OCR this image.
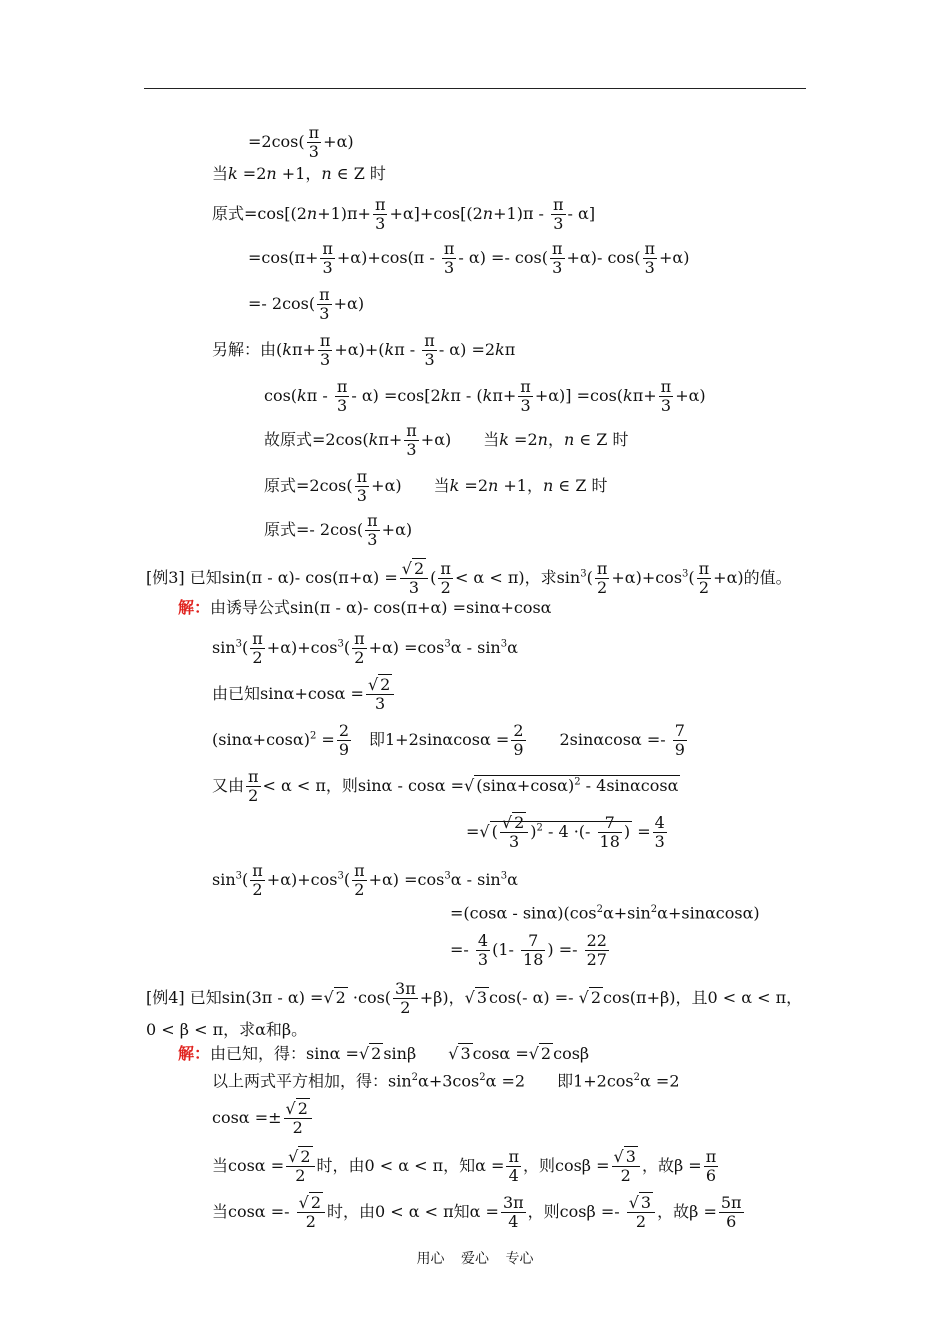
$=2\cos( \frac{\pi}{3} +\alpha)$
当k =2n +1，n ∈ Z 时
原式$=\cos[(2n+1)\pi+ \frac{\pi}{3} +\alpha]+\cos[(2n+1)\pi - \frac{\pi}{3} - \alpha]$
$=\cos(\pi+ \frac{\pi}{3} +\alpha)+\cos(\pi - \frac{\pi}{3} - \alpha) =- \cos( \frac{\pi}{3} +\alpha)-$ $\cos( \frac{\pi}{3} +\alpha)$
=- $2\cos( \frac{\pi}{3} +\alpha)$
另解：由$(k\pi+ \frac{\pi}{3} +\alpha)+(k\pi - \frac{\pi}{3} - \alpha) =2k\pi$
$\cos(k\pi - \frac{\pi}{3} - \alpha) =\cos[2k\pi - (k\pi+ \frac{\pi}{3} +\alpha)] =\cos(k\pi+ \frac{\pi}{3} +\alpha)$
故原式$=2\cos(k\pi+ \frac{\pi}{3} +\alpha)$　　当k =2n，n ∈ Z 时
原式$=2\cos( \frac{\pi}{3} +\alpha)$　　当k =2n +1，n ∈ Z 时
原式=- $2\cos( \frac{\pi}{3} +\alpha)$
[例3] 已知sin(π - α)- $\cos(\pi+\alpha) = \frac{√ 2}{3}$ ( $\frac{\pi}{2} < \alpha < \pi$)，求$\sin^3( \frac{\pi}{2} +\alpha)+\cos^3( \frac{\pi}{2} +\alpha)$的值。
解：由诱导公式sin(π - α)- cos(π+α) =sinα+cosα
$\sin^3( \frac{\pi}{2} +\alpha)+\cos^3( \frac{\pi}{2} +\alpha) =\cos^3\alpha - \sin^3\alpha$
由已知$\sin\alpha+\cos\alpha = \frac{√ 2}{3}$
$(\sin\alpha+\cos\alpha)^2 = \frac{2}{9}$ 　即$1+2\sin\alpha\cos\alpha = \frac{2}{9}$ 　　$2\sin\alpha\cos\alpha =- \frac{7}{9}$
又由 $\frac{\pi}{2} < \alpha < \pi$，则sinα - cosα =√ $(\sin\alpha+\cos\alpha)^2 - 4\sin\alpha\cos\alpha$
=√ ( $\frac{√ 2}{3} )^2 - 4$ ·(- $\frac{7}{18}$ ) = $\frac{4}{3}$
$\sin^3( \frac{\pi}{2} +\alpha)+\cos^3( \frac{\pi}{2} +\alpha) =\cos^3\alpha - \sin^3\alpha$
$=(\cos\alpha - \sin\alpha)(\cos^2\alpha+\sin^2\alpha+\sin\alpha\cos\alpha)$
=- $\frac{4}{3} (1- \frac{7}{18}$ ) =- $\frac{22}{27}$
[例4] 已知sin(3π - α) =√ $2 \cdot\cos( \frac{3\pi}{2} +\beta)$，√ 3 cos(- α) =- √ 2 cos(π+β)，且0 < α < π，
0 < β < π，求α和β。
解：由已知，得：sinα =√ 2 sinβ　　√ 3 cosα =√ 2 cosβ
以上两式平方相加，得：$\sin^2\alpha+3\cos^2\alpha =2$　　即$1+2\cos^2\alpha =2$
$\cos\alpha =\pm \frac{√ 2}{2}$
当$\cos\alpha = \frac{√ 2}{2}$ 时，由0 < α < π，知$\alpha = \frac{\pi}{4}$ ，则$\cos\beta = \frac{√ 3}{2}$ ，故$\beta = \frac{\pi}{6}$
当$\cos\alpha =- \frac{√ 2}{2}$ 时，由0 < α < π知$\alpha = \frac{3\pi}{4}$ ，则$\cos\beta =- \frac{√ 3}{2}$ ，故$\beta = \frac{5\pi}{6}$
用心 爱心 专心
